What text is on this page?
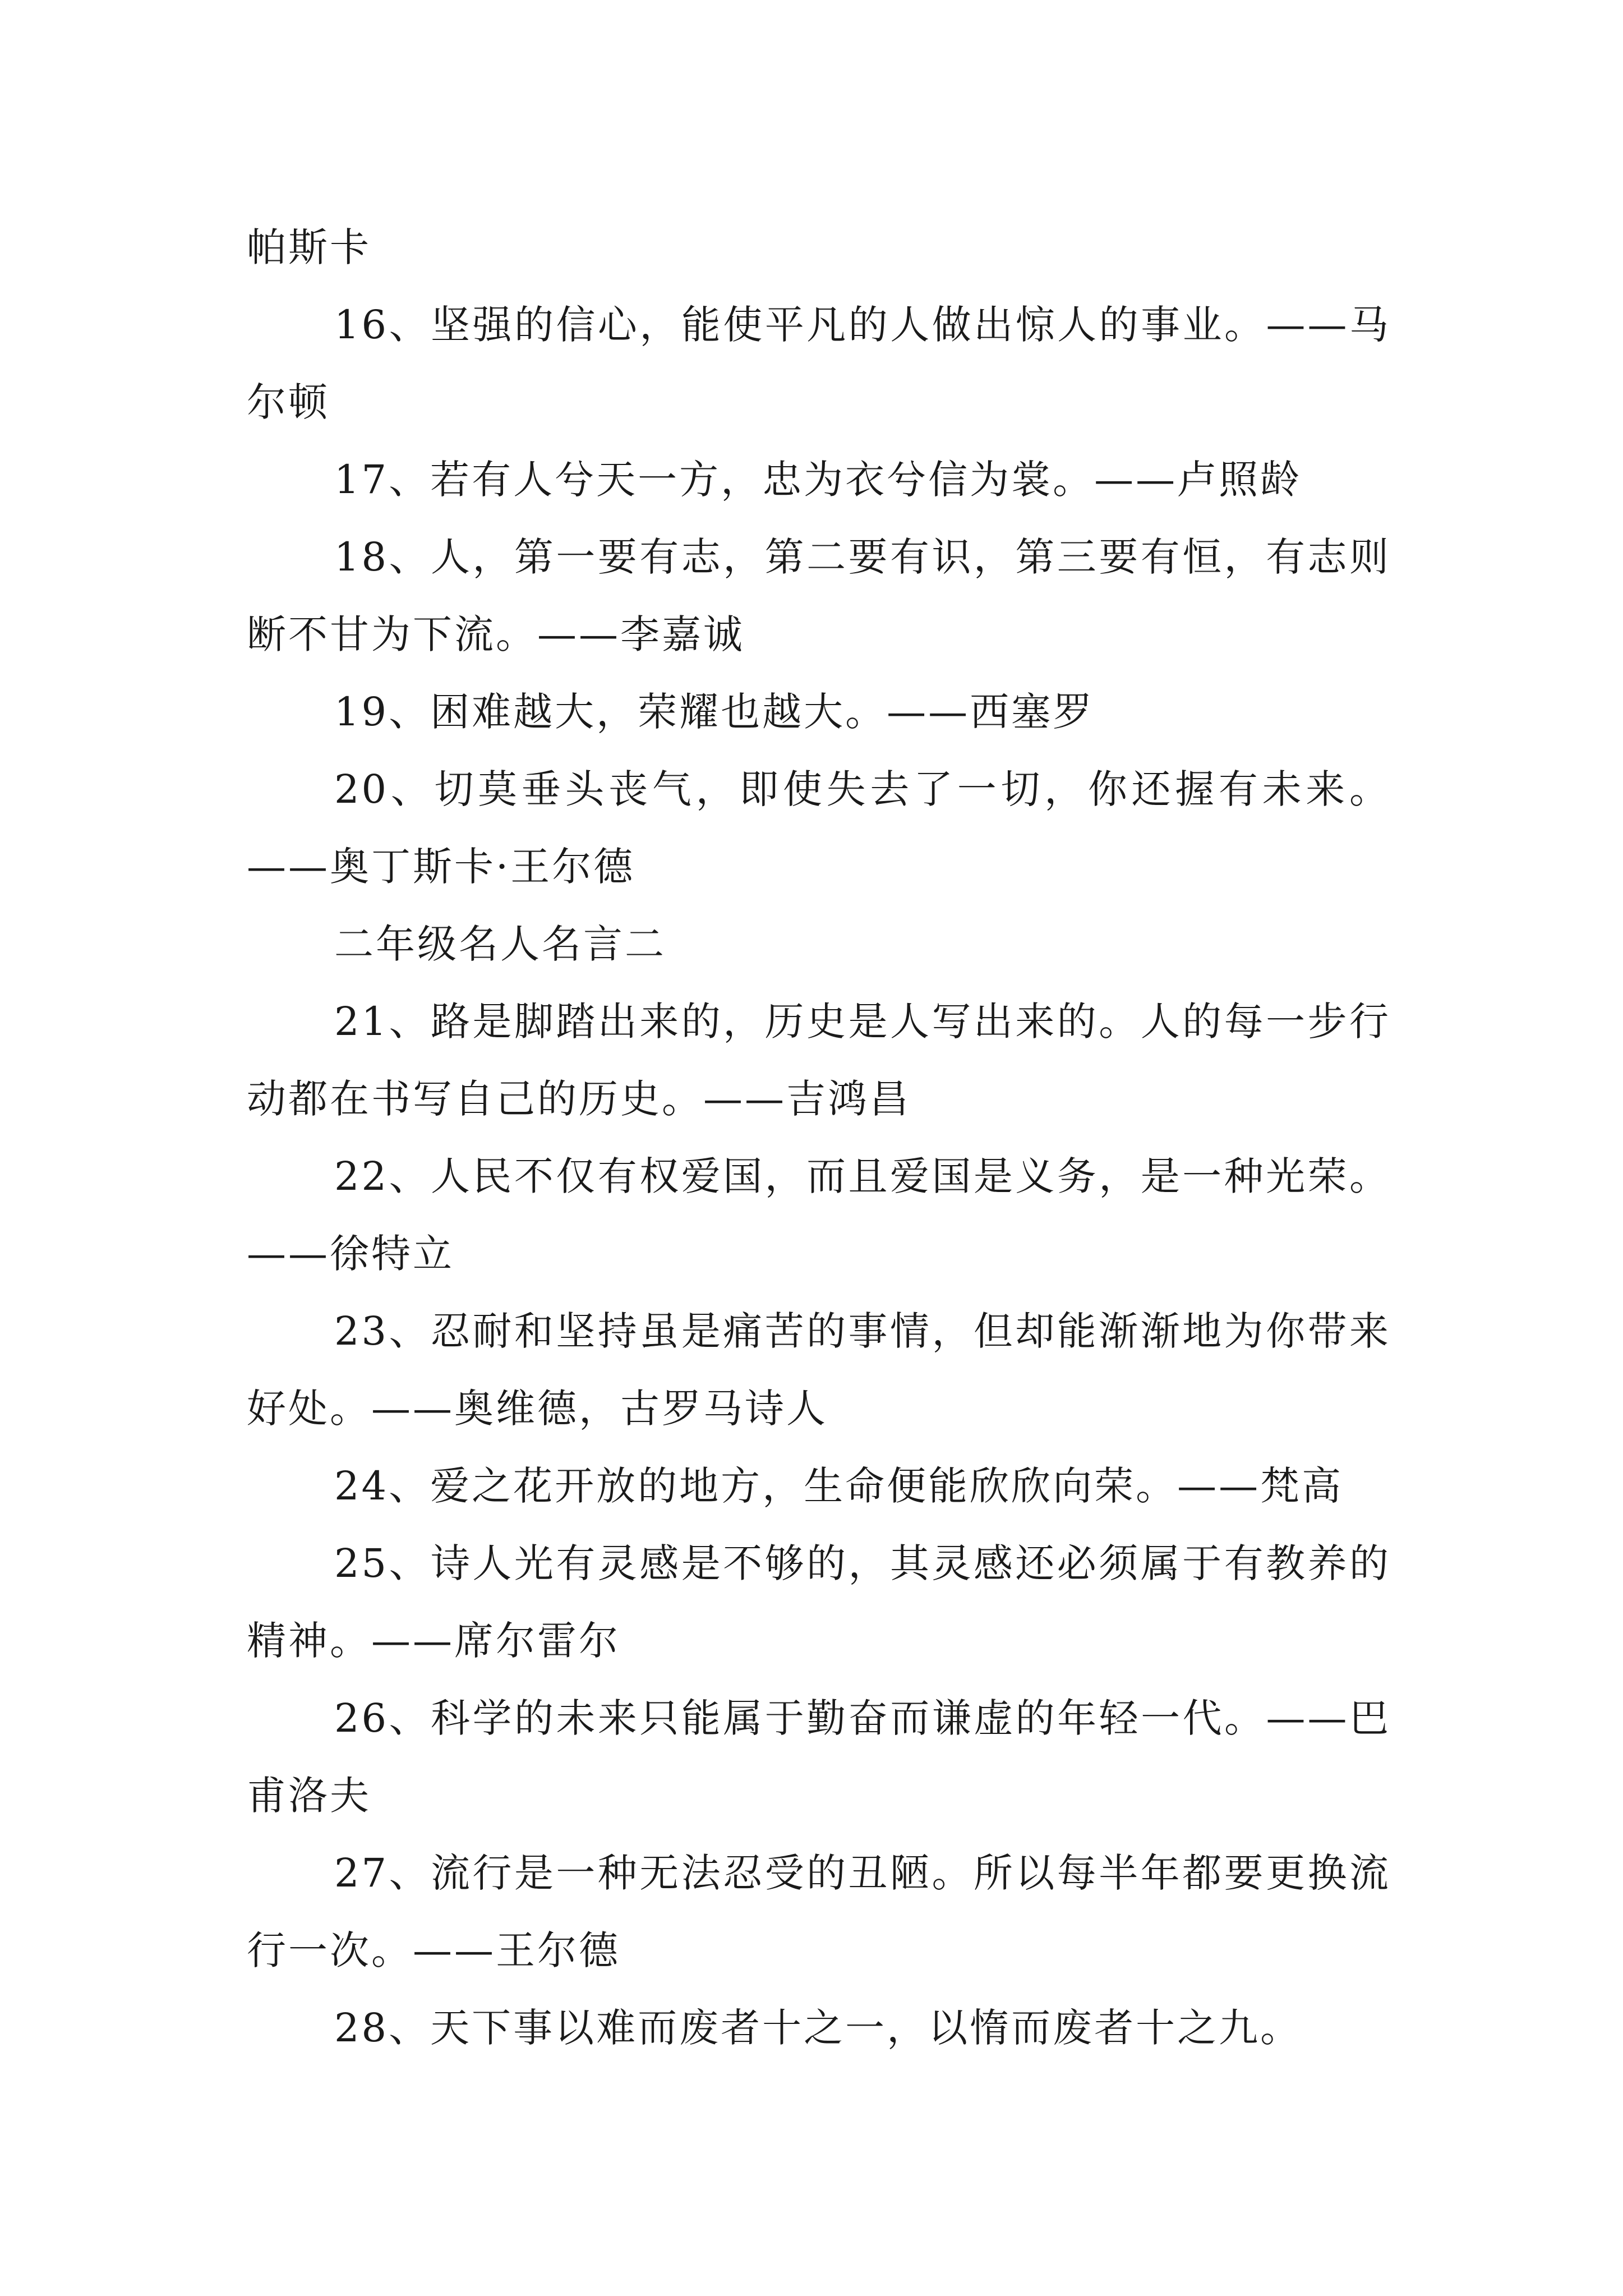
帕斯卡

16、坚强的信心，能使平凡的人做出惊人的事业。——马尔顿

17、若有人兮天一方，忠为衣兮信为裳。——卢照龄

18、人，第一要有志，第二要有识，第三要有恒，有志则断不甘为下流。——李嘉诚

19、困难越大，荣耀也越大。——西塞罗

20、切莫垂头丧气，即使失去了一切，你还握有未来。——奥丁斯卡·王尔德

二年级名人名言二

21、路是脚踏出来的，历史是人写出来的。人的每一步行动都在书写自己的历史。——吉鸿昌

22、人民不仅有权爱国，而且爱国是义务，是一种光荣。——徐特立

23、忍耐和坚持虽是痛苦的事情，但却能渐渐地为你带来好处。——奥维德，古罗马诗人

24、爱之花开放的地方，生命便能欣欣向荣。——梵高

25、诗人光有灵感是不够的，其灵感还必须属于有教养的精神。——席尔雷尔

26、科学的未来只能属于勤奋而谦虚的年轻一代。——巴甫洛夫

27、流行是一种无法忍受的丑陋。所以每半年都要更换流行一次。——王尔德

28、天下事以难而废者十之一，以惰而废者十之九。
